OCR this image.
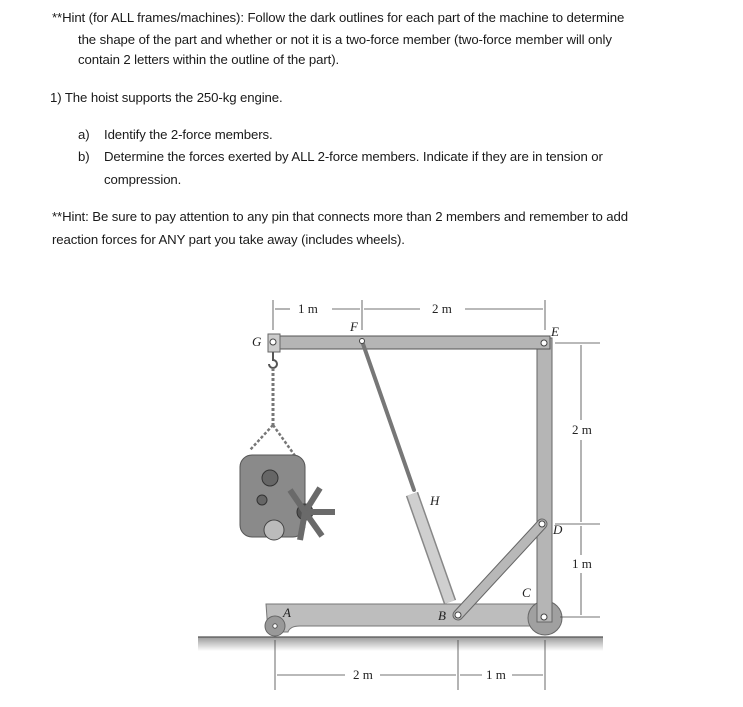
**Hint (for ALL frames/machines): Follow the dark outlines for each part of the machine to determine
the shape of the part and whether or not it is a two-force member (two-force member will only
contain 2 letters within the outline of the part).
1) The hoist supports the 250-kg engine.
a) Identify the 2-force members.
b) Determine the forces exerted by ALL 2-force members. Indicate if they are in tension or
compression.
**Hint: Be sure to pay attention to any pin that connects more than 2 members and remember to add
reaction forces for ANY part you take away (includes wheels).
1 m	2 m
2 m
1 m
2 m	1 m
G
F	E
H
D
C
B
A
